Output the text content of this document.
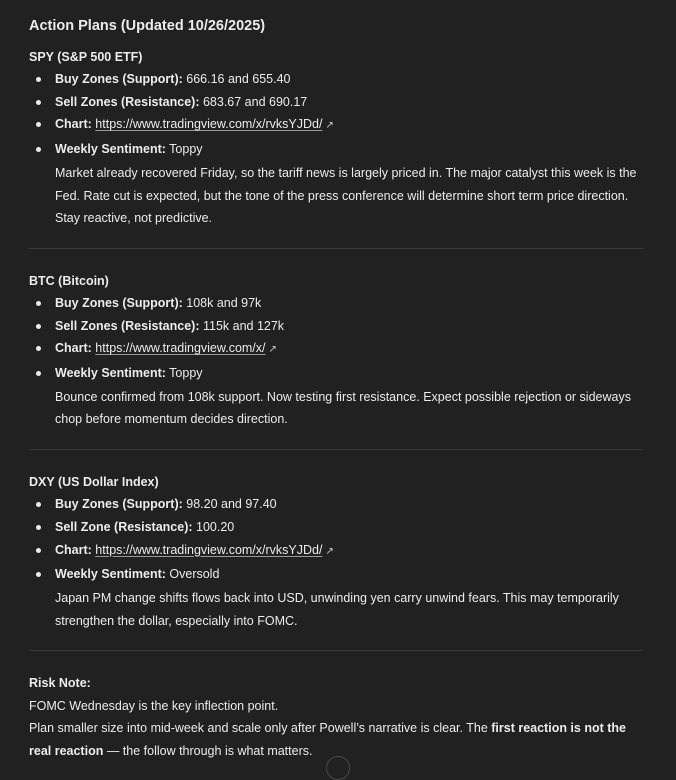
Action Plans (Updated 10/26/2025)
SPY (S&P 500 ETF)
Buy Zones (Support): 666.16 and 655.40
Sell Zones (Resistance): 683.67 and 690.17
Chart: https://www.tradingview.com/x/rvksYJDd/ ↗
Weekly Sentiment: Toppy
Market already recovered Friday, so the tariff news is largely priced in. The major catalyst this week is the Fed. Rate cut is expected, but the tone of the press conference will determine short term price direction. Stay reactive, not predictive.
BTC (Bitcoin)
Buy Zones (Support): 108k and 97k
Sell Zones (Resistance): 115k and 127k
Chart: https://www.tradingview.com/x/ ↗
Weekly Sentiment: Toppy
Bounce confirmed from 108k support. Now testing first resistance. Expect possible rejection or sideways chop before momentum decides direction.
DXY (US Dollar Index)
Buy Zones (Support): 98.20 and 97.40
Sell Zone (Resistance): 100.20
Chart: https://www.tradingview.com/x/rvksYJDd/ ↗
Weekly Sentiment: Oversold
Japan PM change shifts flows back into USD, unwinding yen carry unwind fears. This may temporarily strengthen the dollar, especially into FOMC.

Risk Note:

FOMC Wednesday is the key inflection point.

Plan smaller size into mid-week and scale only after Powell’s narrative is clear. The first reaction is not the real reaction — the follow through is what matters.
